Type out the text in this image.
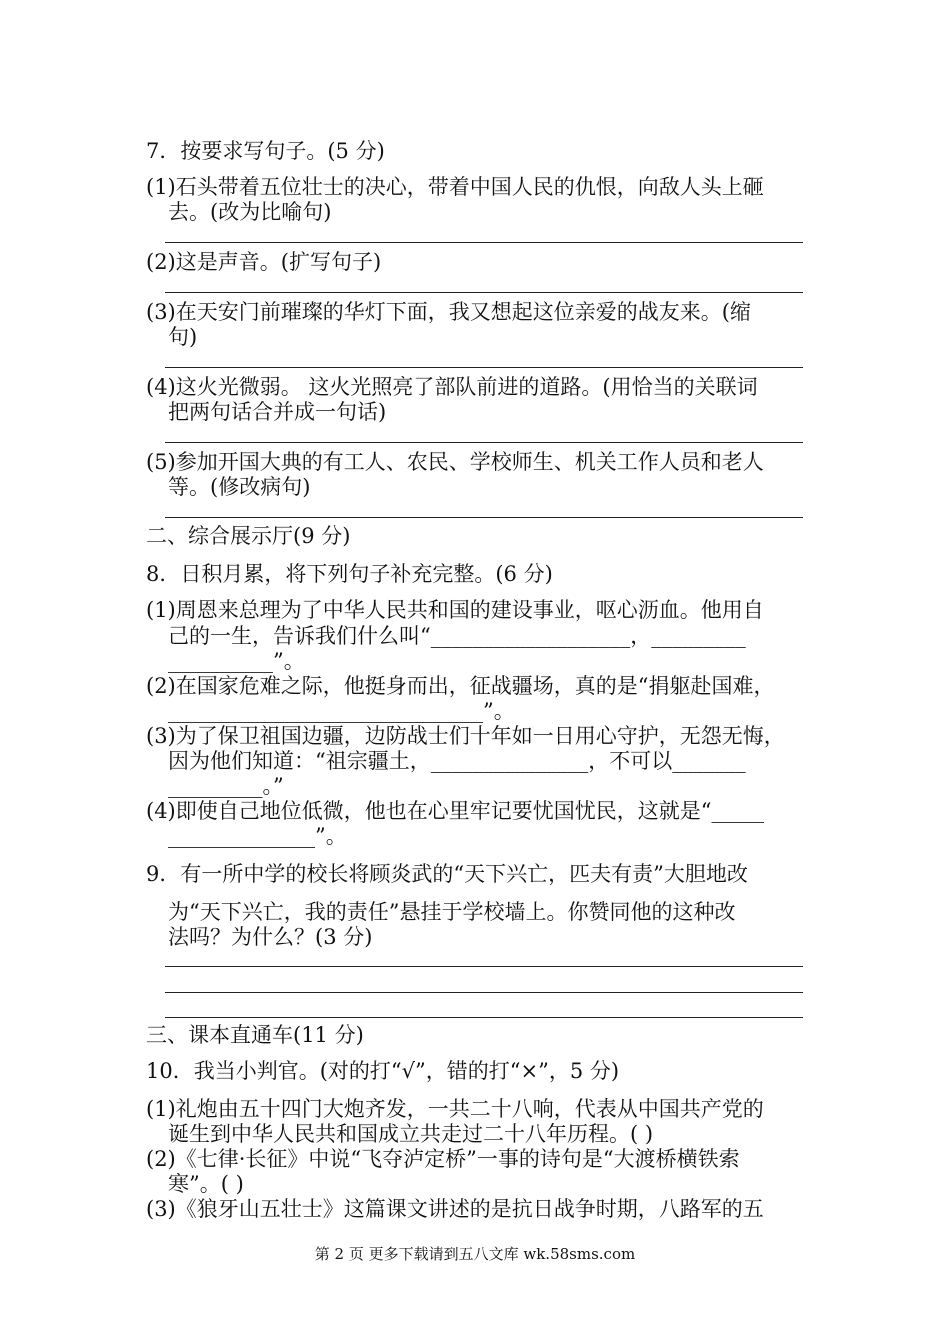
7．按要求写句子。(5 分)

(1)石头带着五位壮士的决心，带着中国人民的仇恨，向敌人头上砸

去。(改为比喻句)

(2)这是声音。(扩写句子)

(3)在天安门前璀璨的华灯下面，我又想起这位亲爱的战友来。(缩

句)

(4)这火光微弱。 这火光照亮了部队前进的道路。(用恰当的关联词

把两句话合并成一句话)

(5)参加开国大典的有工人、农民、学校师生、机关工作人员和老人

等。(修改病句)

二、综合展示厅(9 分)

8．日积月累，将下列句子补充完整。(6 分)

(1)周恩来总理为了中华人民共和国的建设事业，呕心沥血。他用自

己的一生，告诉我们什么叫“___________________，_________

__________”。

(2)在国家危难之际，他挺身而出，征战疆场，真的是“捐躯赴国难，

______________________________”。

(3)为了保卫祖国边疆，边防战士们十年如一日用心守护，无怨无悔，

因为他们知道：“祖宗疆土，_______________，不可以_______

_________。”

(4)即使自己地位低微，他也在心里牢记要忧国忧民，这就是“_____

______________”。

9．有一所中学的校长将顾炎武的“天下兴亡，匹夫有责”大胆地改

为“天下兴亡，我的责任”悬挂于学校墙上。你赞同他的这种改

法吗？为什么？(3 分)

三、课本直通车(11 分)

10．我当小判官。(对的打“√”，错的打“×”，5 分)

(1)礼炮由五十四门大炮齐发，一共二十八响，代表从中国共产党的

诞生到中华人民共和国成立共走过二十八年历程。( )

(2)《七律·长征》中说“飞夺泸定桥”一事的诗句是“大渡桥横铁索

寒”。( )

(3)《狼牙山五壮士》这篇课文讲述的是抗日战争时期，八路军的五

第 2 页 更多下载请到五八文库 wk.58sms.com
